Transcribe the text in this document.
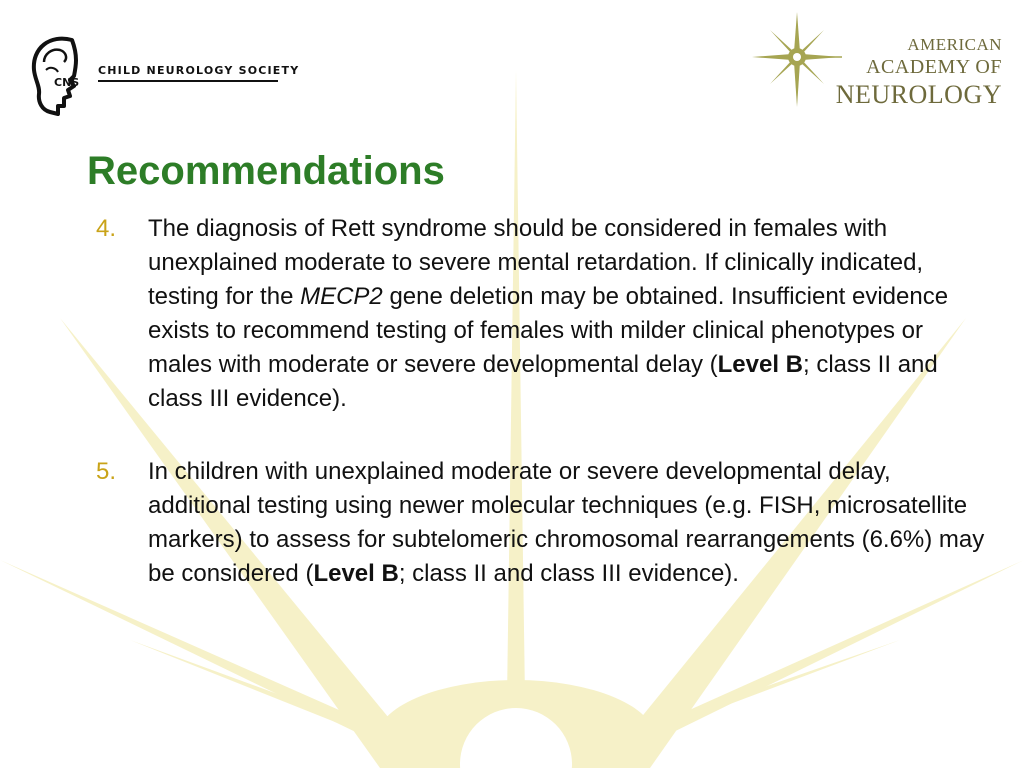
CNS
CHILD NEUROLOGY SOCIETY
AMERICAN
ACADEMY OF
NEUROLOGY
Recommendations
4. The diagnosis of Rett syndrome should be considered in females with unexplained moderate to severe mental retardation. If clinically indicated, testing for the MECP2 gene deletion may be obtained. Insufficient evidence exists to recommend testing of females with milder clinical phenotypes or males with moderate or severe developmental delay (Level B; class II and class III evidence).
5. In children with unexplained moderate or severe developmental delay, additional testing using newer molecular techniques (e.g. FISH, microsatellite markers) to assess for subtelomeric chromosomal rearrangements (6.6%) may be considered (Level B; class II and class III evidence).
